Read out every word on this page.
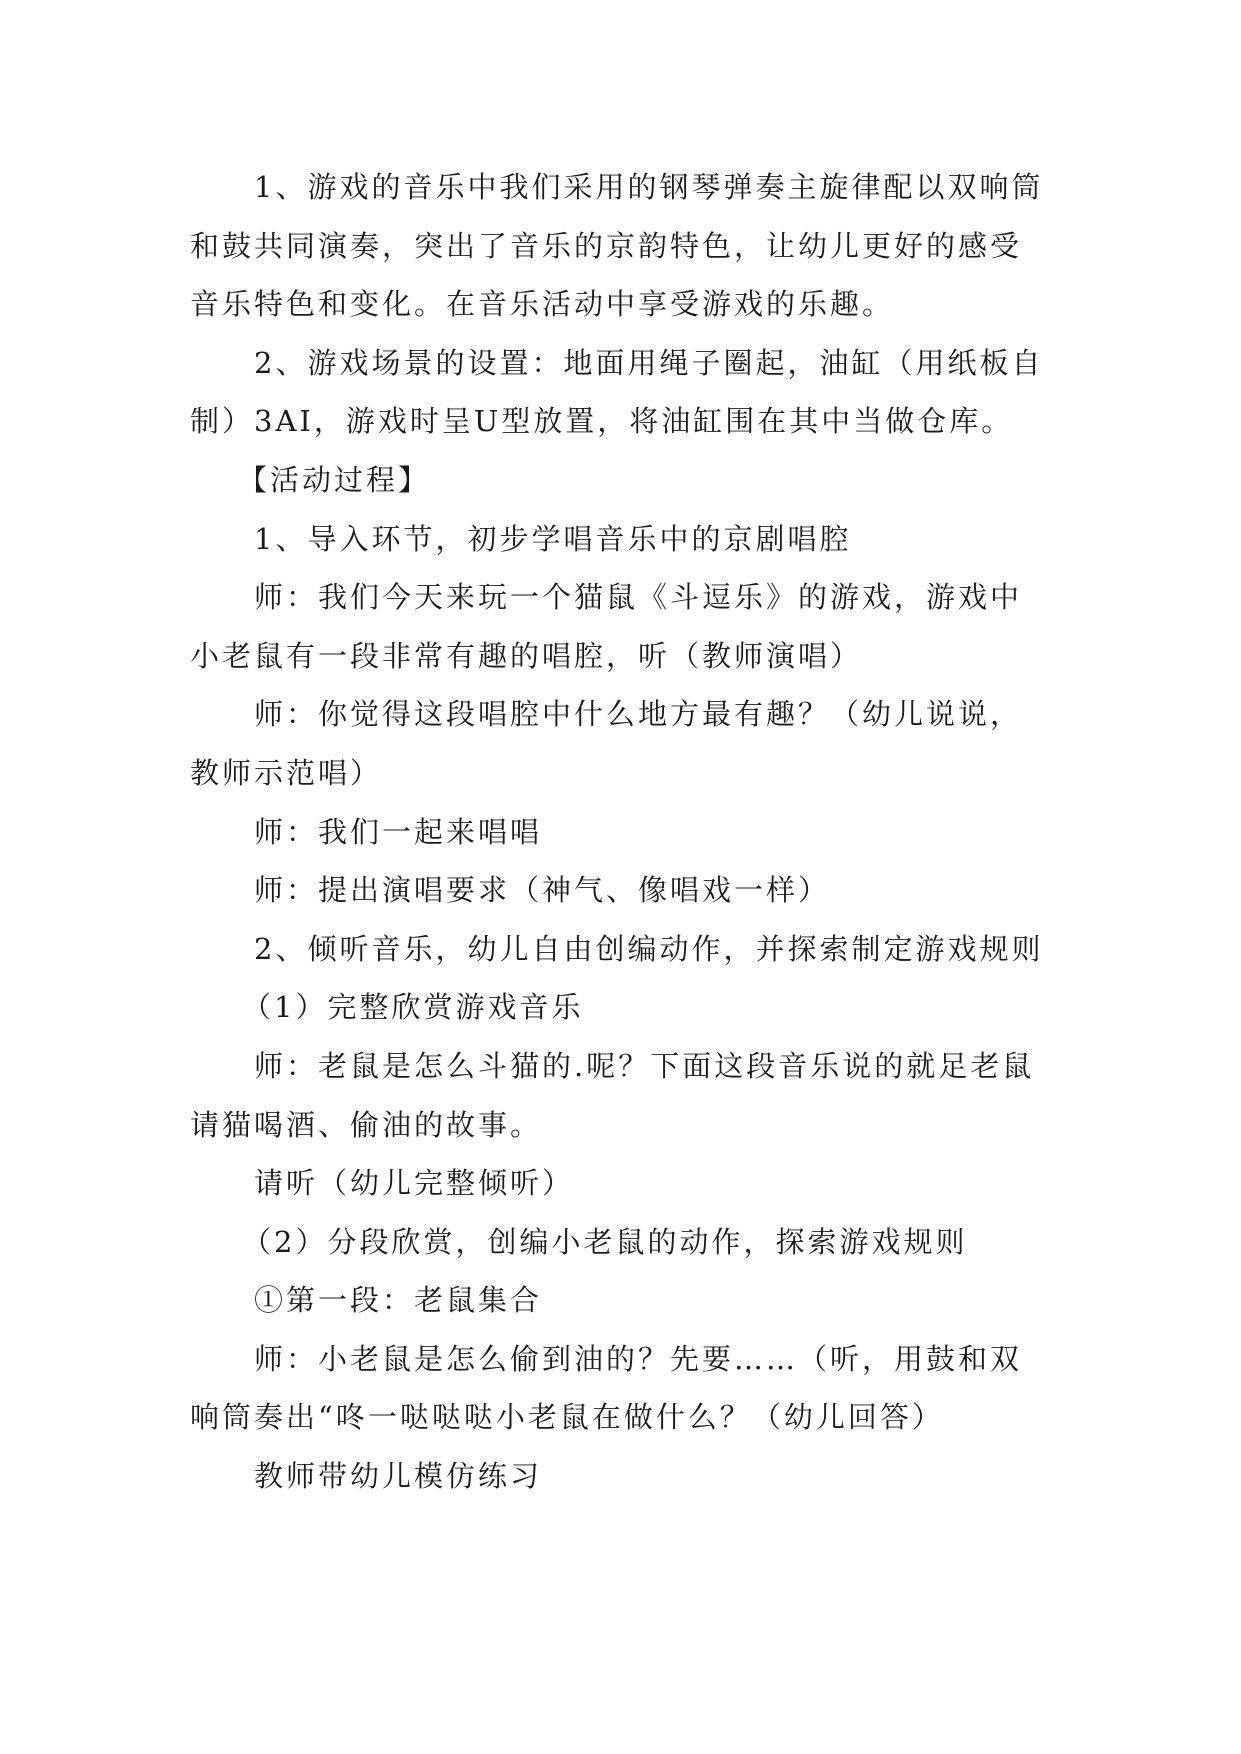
1、游戏的音乐中我们采用的钢琴弹奏主旋律配以双响筒和鼓共同演奏，突出了音乐的京韵特色，让幼儿更好的感受音乐特色和变化。在音乐活动中享受游戏的乐趣。

2、游戏场景的设置：地面用绳子圈起，油缸（用纸板自制）3AI，游戏时呈U型放置，将油缸围在其中当做仓库。

【活动过程】

1、导入环节，初步学唱音乐中的京剧唱腔

师：我们今天来玩一个猫鼠《斗逗乐》的游戏，游戏中小老鼠有一段非常有趣的唱腔，听（教师演唱）

师：你觉得这段唱腔中什么地方最有趣？（幼儿说说，教师示范唱）

师：我们一起来唱唱

师：提出演唱要求（神气、像唱戏一样）

2、倾听音乐，幼儿自由创编动作，并探索制定游戏规则

（1）完整欣赏游戏音乐

师：老鼠是怎么斗猫的.呢？下面这段音乐说的就足老鼠请猫喝酒、偷油的故事。

请听（幼儿完整倾听）

（2）分段欣赏，创编小老鼠的动作，探索游戏规则

①第一段：老鼠集合

师：小老鼠是怎么偷到油的？先要……（听，用鼓和双响筒奏出“咚一哒哒哒小老鼠在做什么？（幼儿回答）

教师带幼儿模仿练习
